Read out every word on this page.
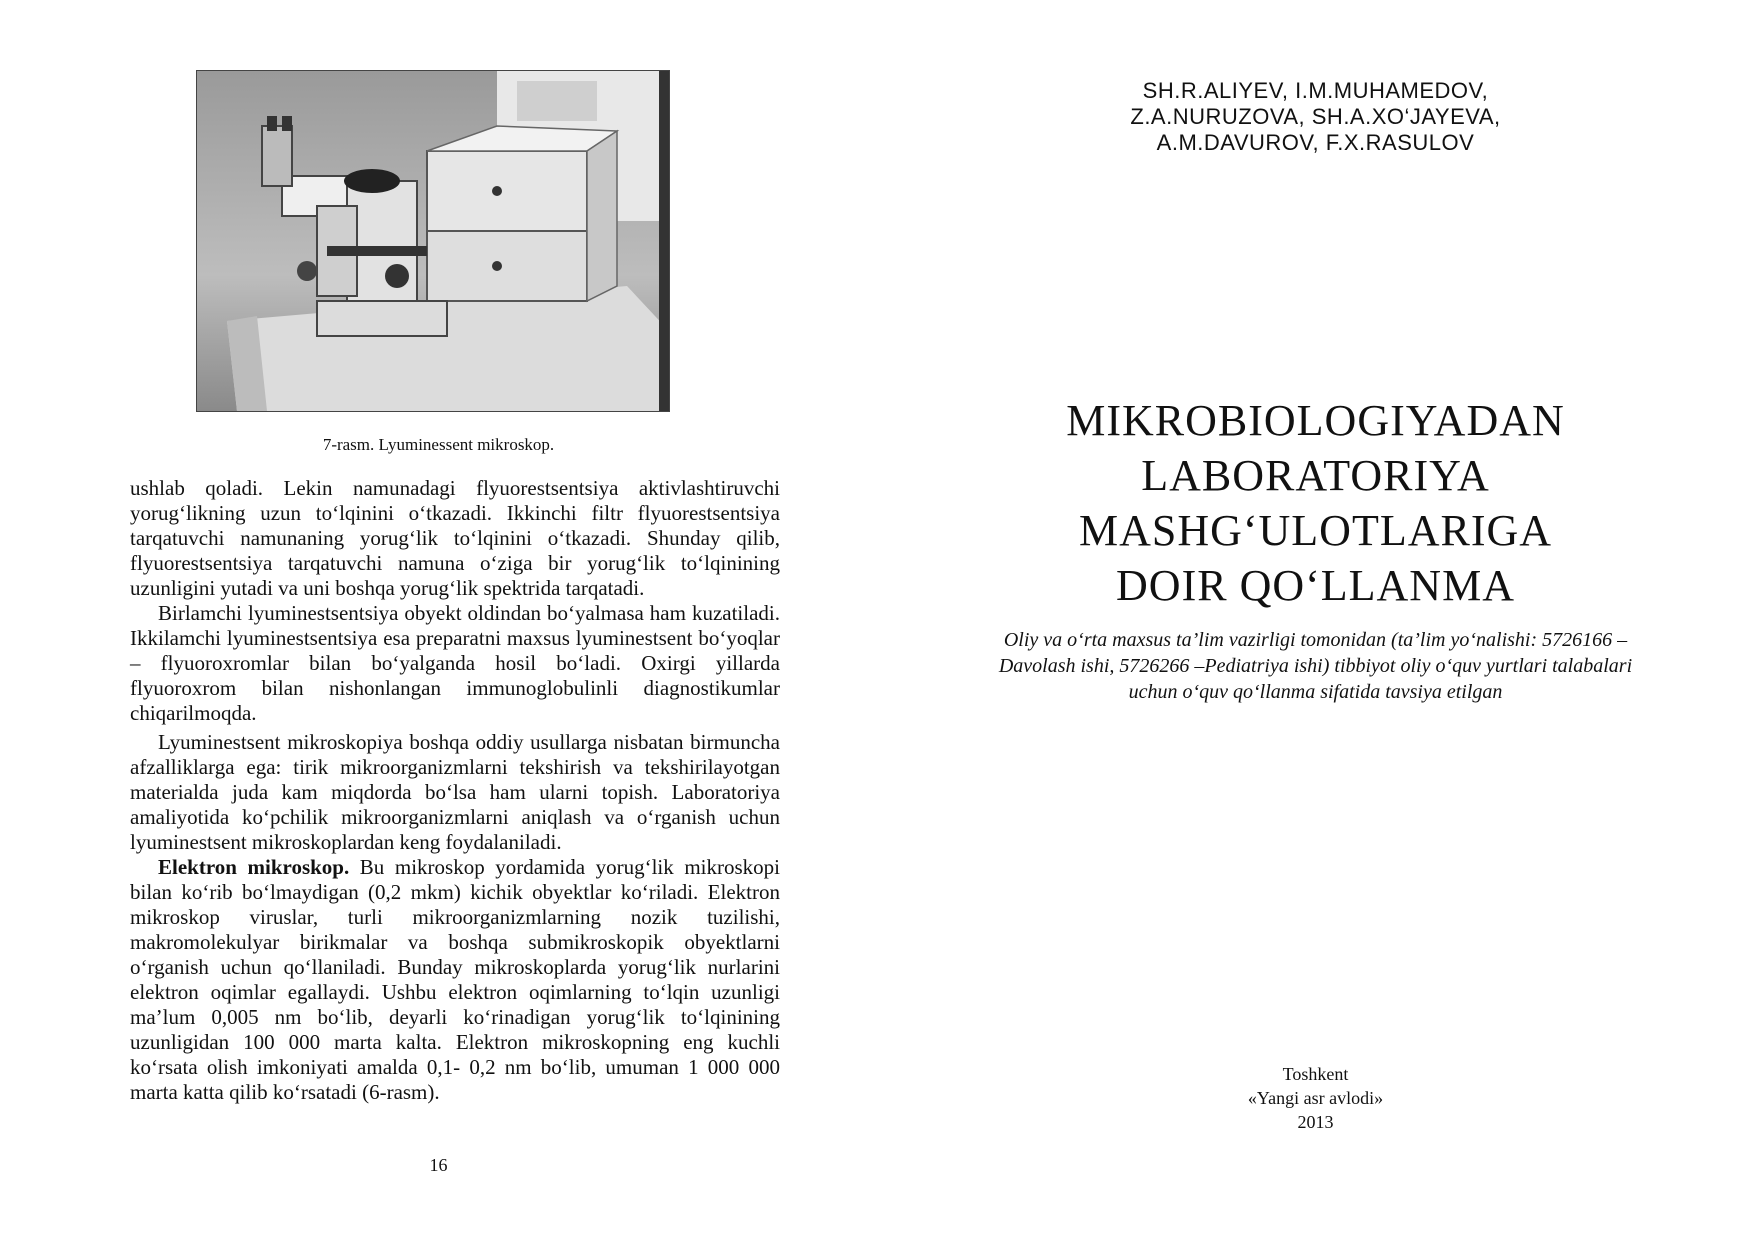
7-rasm. Lyuminessent mikroskop.

ushlab qoladi. Lekin namunadagi flyuorestsentsiya aktivlashtiruvchi yorug‘likning uzun to‘lqinini o‘tkazadi. Ikkinchi filtr flyuorestsentsiya tarqatuvchi namunaning yorug‘lik to‘lqinini o‘tkazadi. Shunday qilib, flyuorestsentsiya tarqatuvchi namuna o‘ziga bir yorug‘lik to‘lqinining uzunligini yutadi va uni boshqa yorug‘lik spektrida tarqatadi.

Birlamchi lyuminestsentsiya obyekt oldindan bo‘yalmasa ham kuzatiladi. Ikkilamchi lyuminestsentsiya esa preparatni maxsus lyuminestsent bo‘yoqlar – flyuoroxromlar bilan bo‘yalganda hosil bo‘ladi. Oxirgi yillarda flyuoroxrom bilan nishonlangan immunoglobulinli diagnostikumlar chiqarilmoqda.

Lyuminestsent mikroskopiya boshqa oddiy usullarga nisbatan birmuncha afzalliklarga ega: tirik mikroorganizmlarni tekshirish va tekshirilayotgan materialda juda kam miqdorda bo‘lsa ham ularni topish. Laboratoriya amaliyotida ko‘pchilik mikroorganizmlarni aniqlash va o‘rganish uchun lyuminestsent mikroskoplardan keng foydalaniladi.

Elektron mikroskop. Bu mikroskop yordamida yorug‘lik mikroskopi bilan ko‘rib bo‘lmaydigan (0,2 mkm) kichik obyektlar ko‘riladi. Elektron mikroskop viruslar, turli mikroorganizmlarning nozik tuzilishi, makromolekulyar birikmalar va boshqa submikroskopik obyektlarni o‘rganish uchun qo‘llaniladi. Bunday mikroskoplarda yorug‘lik nurlarini elektron oqimlar egallaydi. Ushbu elektron oqimlarning to‘lqin uzunligi ma’lum 0,005 nm bo‘lib, deyarli ko‘rinadigan yorug‘lik to‘lqinining uzunligidan 100 000 marta kalta. Elektron mikroskopning eng kuchli ko‘rsata olish imkoniyati amalda 0,1- 0,2 nm bo‘lib, umuman 1 000 000 marta katta qilib ko‘rsatadi (6-rasm).

16
SH.R.ALIYEV, I.M.MUHAMEDOV,
Z.A.NURUZOVA, SH.A.XO‘JAYEVA,
A.M.DAVUROV, F.X.RASULOV
MIKROBIOLOGIYADAN
LABORATORIYA
MASHG‘ULOTLARIGA
DOIR QO‘LLANMA
Oliy va o‘rta maxsus ta’lim vazirligi tomonidan (ta’lim yo‘nalishi: 5726166 – Davolash ishi, 5726266 –Pediatriya ishi) tibbiyot oliy o‘quv yurtlari talabalari uchun o‘quv qo‘llanma sifatida tavsiya etilgan
Toshkent
«Yangi asr avlodi»
2013
